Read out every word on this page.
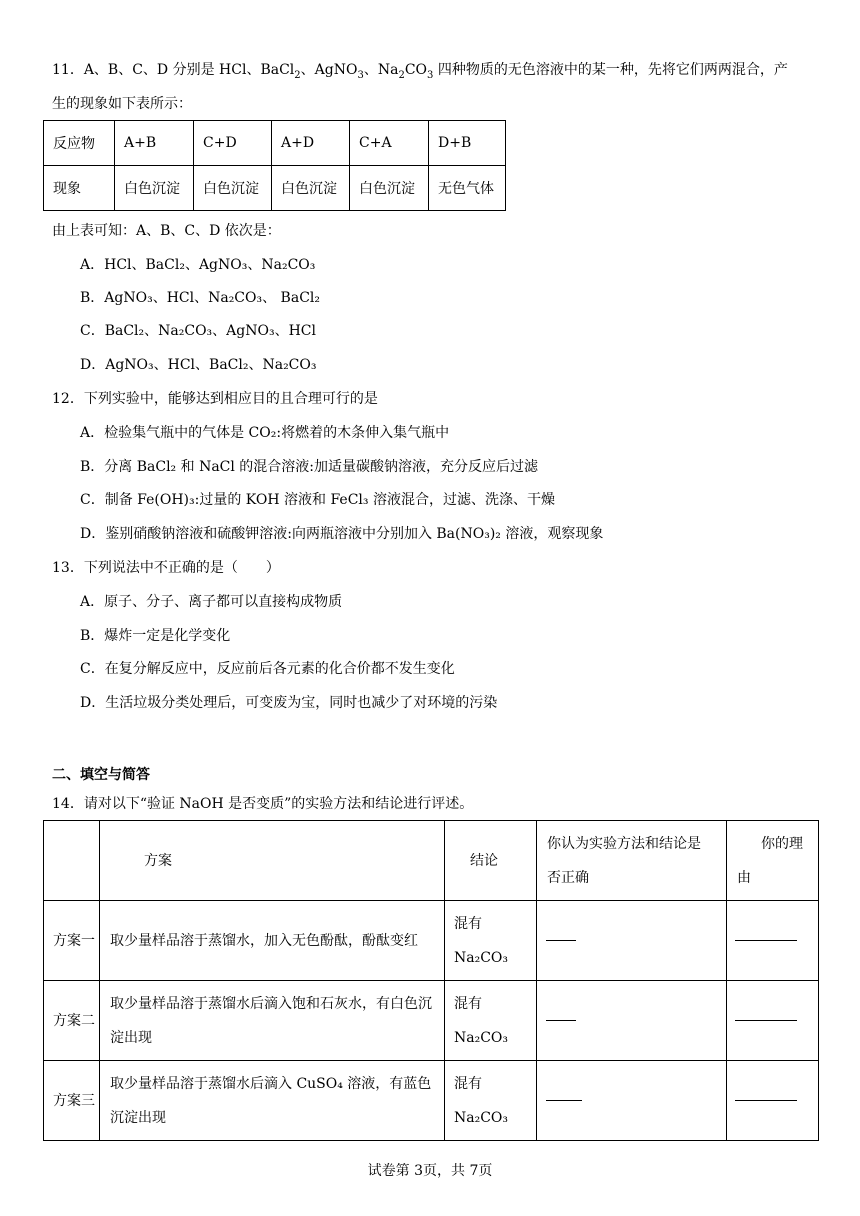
11．A、B、C、D 分别是 HCl、BaCl$_2$、AgNO$_3$、$Na_2CO_3$ 四种物质的无色溶液中的某一种，先将它们两两混合，产
生的现象如下表所示：
反应物	A+B	C+D	A+D	C+A	D+B
现象	白色沉淀	白色沉淀	白色沉淀	白色沉淀	无色气体
由上表可知：A、B、C、D 依次是：
A．HCl、BaCl₂、AgNO₃、Na₂CO₃
B．AgNO₃、HCl、Na₂CO₃、 BaCl₂
C．BaCl₂、Na₂CO₃、AgNO₃、HCl
D．AgNO₃、HCl、BaCl₂、Na₂CO₃
12．下列实验中，能够达到相应目的且合理可行的是
A．检验集气瓶中的气体是 CO₂:将燃着的木条伸入集气瓶中
B．分离 BaCl₂ 和 NaCl 的混合溶液:加适量碳酸钠溶液，充分反应后过滤
C．制备 Fe(OH)₃:过量的 KOH 溶液和 FeCl₃ 溶液混合，过滤、洗涤、干燥
D．鉴别硝酸钠溶液和硫酸钾溶液:向两瓶溶液中分别加入 Ba(NO₃)₂ 溶液，观察现象
13．下列说法中不正确的是（　　）
A．原子、分子、离子都可以直接构成物质
B．爆炸一定是化学变化
C．在复分解反应中，反应前后各元素的化合价都不发生变化
D．生活垃圾分类处理后，可变废为宝，同时也减少了对环境的污染
二、填空与简答
14．请对以下“验证 NaOH 是否变质”的实验方法和结论进行评述。
	方案	结论	你认为实验方法和结论是否正确	你的理由
方案一	取少量样品溶于蒸馏水，加入无色酚酞，酚酞变红	混有 Na₂CO₃		
方案二	取少量样品溶于蒸馏水后滴入饱和石灰水，有白色沉淀出现	混有 Na₂CO₃		
方案三	取少量样品溶于蒸馏水后滴入 CuSO₄ 溶液，有蓝色沉淀出现	混有 Na₂CO₃		
试卷第 3页，共 7页
